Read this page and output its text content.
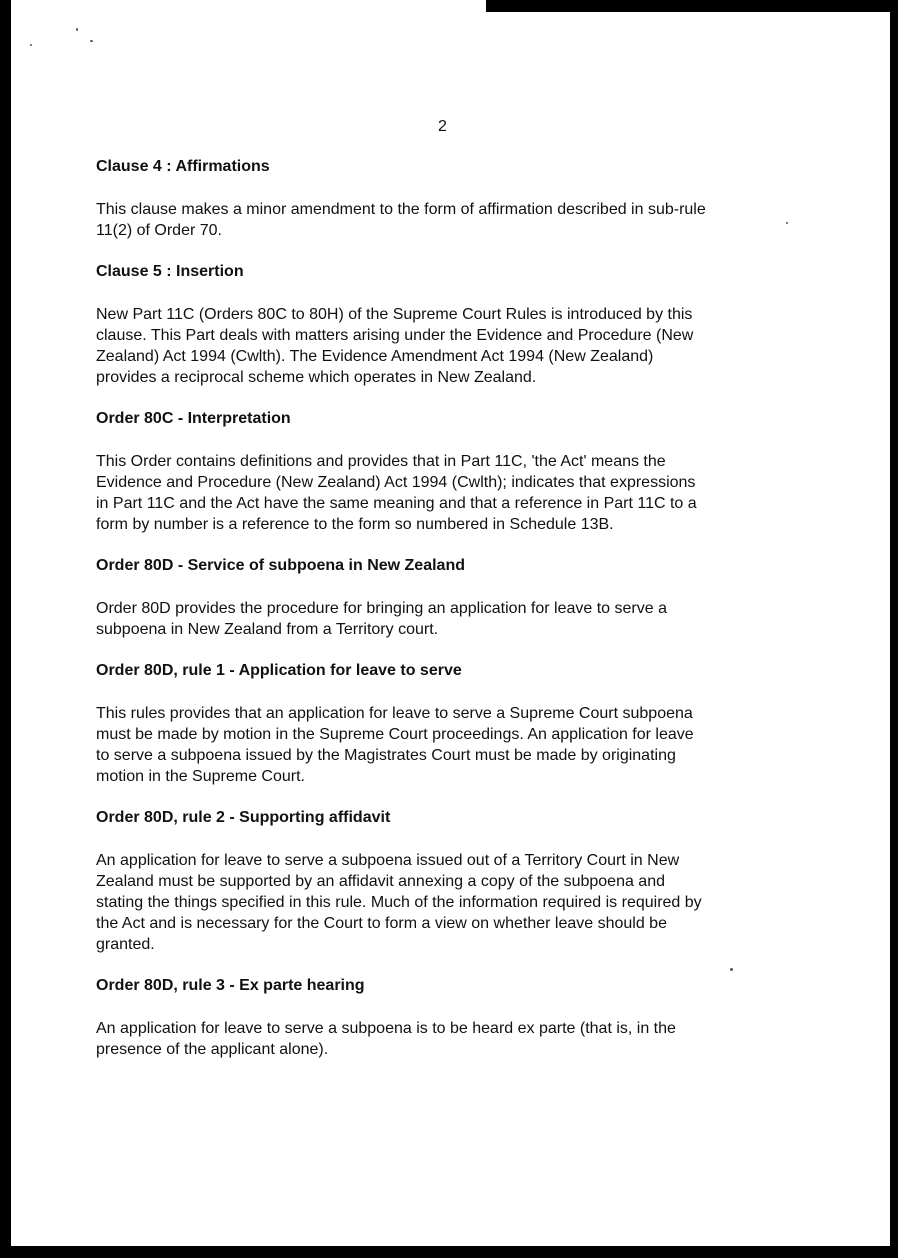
2
Clause 4 : Affirmations
This clause makes a minor amendment to the form of affirmation described in sub-rule
11(2) of Order 70.
Clause 5 : Insertion
New Part 11C (Orders 80C to 80H) of the Supreme Court Rules is introduced by this
clause. This Part deals with matters arising under the Evidence and Procedure (New
Zealand) Act 1994 (Cwlth). The Evidence Amendment Act 1994 (New Zealand)
provides a reciprocal scheme which operates in New Zealand.
Order 80C - Interpretation
This Order contains definitions and provides that in Part 11C, 'the Act' means the
Evidence and Procedure (New Zealand) Act 1994 (Cwlth); indicates that expressions
in Part 11C and the Act have the same meaning and that a reference in Part 11C to a
form by number is a reference to the form so numbered in Schedule 13B.
Order 80D - Service of subpoena in New Zealand
Order 80D provides the procedure for bringing an application for leave to serve a
subpoena in New Zealand from a Territory court.
Order 80D, rule 1 - Application for leave to serve
This rules provides that an application for leave to serve a Supreme Court subpoena
must be made by motion in the Supreme Court proceedings. An application for leave
to serve a subpoena issued by the Magistrates Court must be made by originating
motion in the Supreme Court.
Order 80D, rule 2 - Supporting affidavit
An application for leave to serve a subpoena issued out of a Territory Court in New
Zealand must be supported by an affidavit annexing a copy of the subpoena and
stating the things specified in this rule. Much of the information required is required by
the Act and is necessary for the Court to form a view on whether leave should be
granted.
Order 80D, rule 3 - Ex parte hearing
An application for leave to serve a subpoena is to be heard ex parte (that is, in the
presence of the applicant alone).
